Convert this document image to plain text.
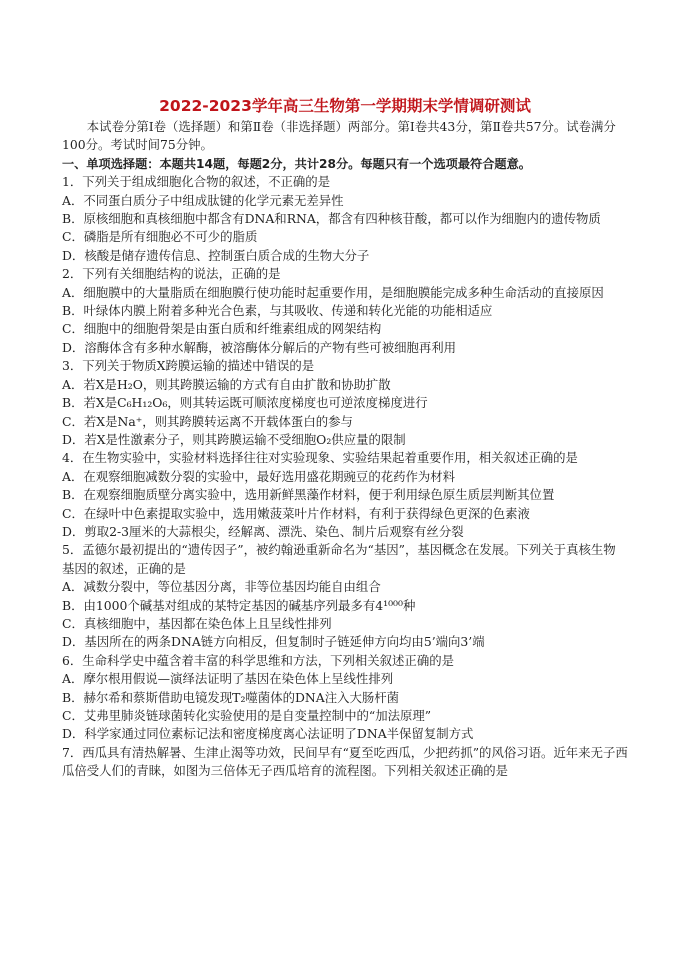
2022-2023学年高三生物第一学期期末学情调研测试

本试卷分第Ⅰ卷（选择题）和第Ⅱ卷（非选择题）两部分。第Ⅰ卷共43分，第Ⅱ卷共57分。试卷满分100分。考试时间75分钟。

一、单项选择题：本题共14题，每题2分，共计28分。每题只有一个选项最符合题意。

1．下列关于组成细胞化合物的叙述，不正确的是

A．不同蛋白质分子中组成肽键的化学元素无差异性

B．原核细胞和真核细胞中都含有DNA和RNA，都含有四种核苷酸，都可以作为细胞内的遗传物质

C．磷脂是所有细胞必不可少的脂质

D．核酸是储存遗传信息、控制蛋白质合成的生物大分子

2．下列有关细胞结构的说法，正确的是

A．细胞膜中的大量脂质在细胞膜行使功能时起重要作用，是细胞膜能完成多种生命活动的直接原因

B．叶绿体内膜上附着多种光合色素，与其吸收、传递和转化光能的功能相适应

C．细胞中的细胞骨架是由蛋白质和纤维素组成的网架结构

D．溶酶体含有多种水解酶，被溶酶体分解后的产物有些可被细胞再利用

3．下列关于物质X跨膜运输的描述中错误的是

A．若X是H₂O，则其跨膜运输的方式有自由扩散和协助扩散

B．若X是C₆H₁₂O₆，则其转运既可顺浓度梯度也可逆浓度梯度进行

C．若X是Na⁺，则其跨膜转运离不开载体蛋白的参与

D．若X是性激素分子，则其跨膜运输不受细胞O₂供应量的限制

4．在生物实验中，实验材料选择往往对实验现象、实验结果起着重要作用，相关叙述正确的是

A．在观察细胞减数分裂的实验中，最好选用盛花期豌豆的花药作为材料

B．在观察细胞质壁分离实验中，选用新鲜黑藻作材料，便于利用绿色原生质层判断其位置

C．在绿叶中色素提取实验中，选用嫩菠菜叶片作材料，有利于获得绿色更深的色素液

D．剪取2-3厘米的大蒜根尖，经解离、漂洗、染色、制片后观察有丝分裂

5．孟德尔最初提出的“遗传因子”，被约翰逊重新命名为“基因”，基因概念在发展。下列关于真核生物基因的叙述，正确的是

A．减数分裂中，等位基因分离，非等位基因均能自由组合

B．由1000个碱基对组成的某特定基因的碱基序列最多有4¹⁰⁰⁰种

C．真核细胞中，基因都在染色体上且呈线性排列

D．基因所在的两条DNA链方向相反，但复制时子链延伸方向均由5’端向3’端

6．生命科学史中蕴含着丰富的科学思维和方法，下列相关叙述正确的是

A．摩尔根用假说—演绎法证明了基因在染色体上呈线性排列

B．赫尔希和蔡斯借助电镜发现T₂噬菌体的DNA注入大肠杆菌

C．艾弗里肺炎链球菌转化实验使用的是自变量控制中的“加法原理”

D．科学家通过同位素标记法和密度梯度离心法证明了DNA半保留复制方式

7．西瓜具有清热解暑、生津止渴等功效，民间早有“夏至吃西瓜，少把药抓”的风俗习语。近年来无子西瓜倍受人们的青睐，如图为三倍体无子西瓜培育的流程图。下列相关叙述正确的是
